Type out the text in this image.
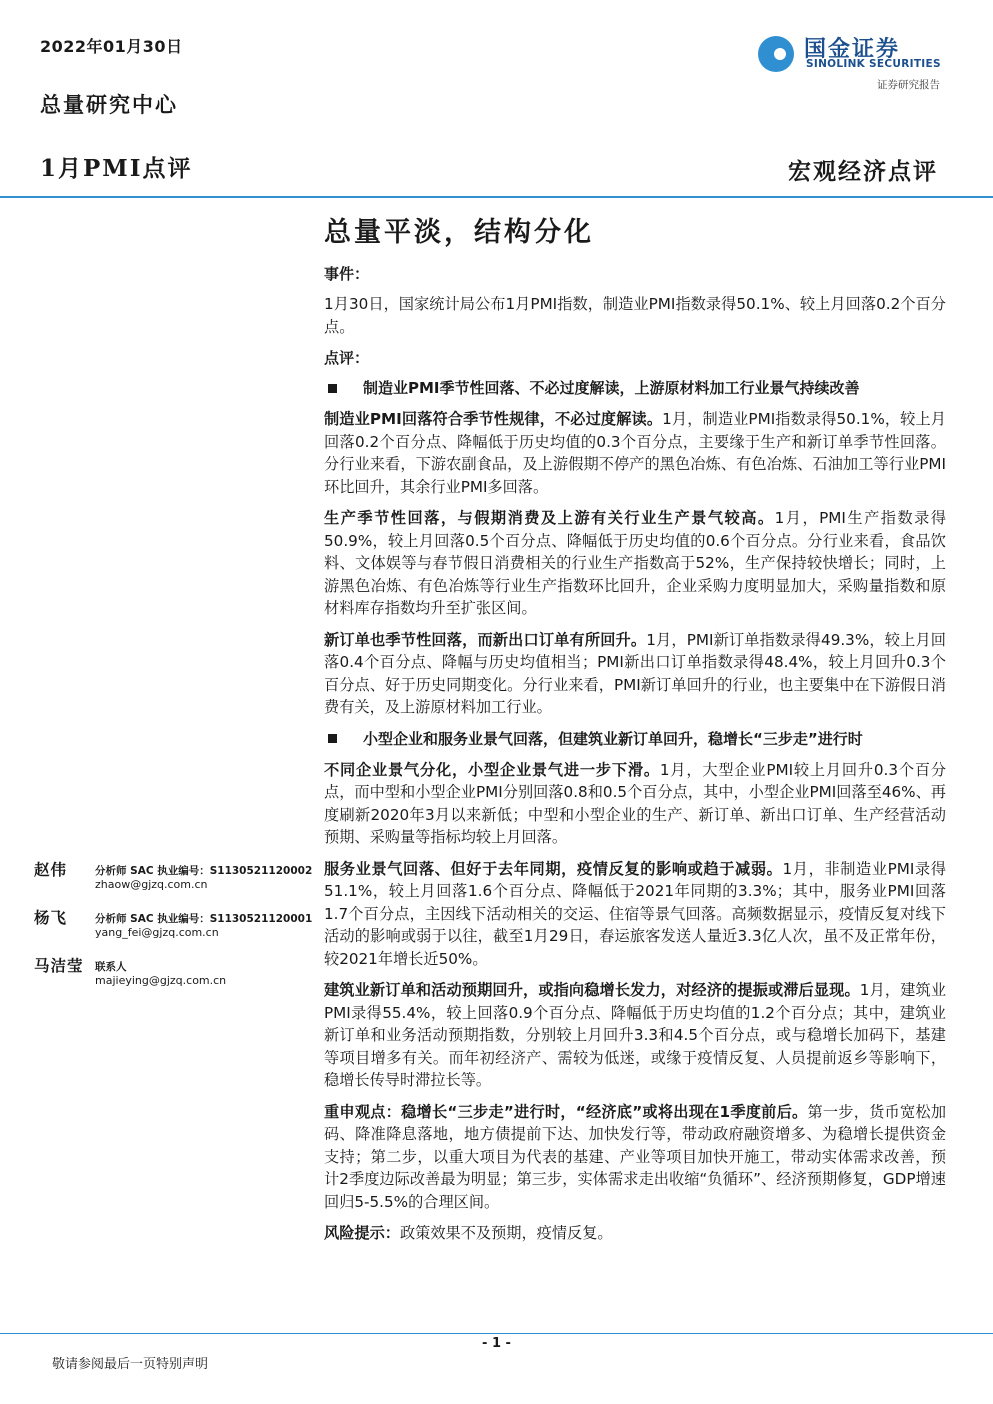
2022年01月30日
总量研究中心
1月PMI点评	宏观经济点评
国金证券
SINOLINK SECURITIES
证券研究报告
总量平淡，结构分化
事件：
1月30日，国家统计局公布1月PMI指数，制造业PMI指数录得50.1%、较上月回落0.2个百分点。
点评：
制造业PMI季节性回落、不必过度解读，上游原材料加工行业景气持续改善
制造业PMI回落符合季节性规律，不必过度解读。1月，制造业PMI指数录得50.1%，较上月回落0.2个百分点、降幅低于历史均值的0.3个百分点，主要缘于生产和新订单季节性回落。分行业来看，下游农副食品，及上游假期不停产的黑色冶炼、有色冶炼、石油加工等行业PMI环比回升，其余行业PMI多回落。
生产季节性回落，与假期消费及上游有关行业生产景气较高。1月，PMI生产指数录得50.9%，较上月回落0.5个百分点、降幅低于历史均值的0.6个百分点。分行业来看，食品饮料、文体娱等与春节假日消费相关的行业生产指数高于52%，生产保持较快增长；同时，上游黑色冶炼、有色冶炼等行业生产指数环比回升，企业采购力度明显加大，采购量指数和原材料库存指数均升至扩张区间。
新订单也季节性回落，而新出口订单有所回升。1月，PMI新订单指数录得49.3%，较上月回落0.4个百分点、降幅与历史均值相当；PMI新出口订单指数录得48.4%，较上月回升0.3个百分点、好于历史同期变化。分行业来看，PMI新订单回升的行业，也主要集中在下游假日消费有关，及上游原材料加工行业。
小型企业和服务业景气回落，但建筑业新订单回升，稳增长“三步走”进行时
不同企业景气分化，小型企业景气进一步下滑。1月，大型企业PMI较上月回升0.3个百分点，而中型和小型企业PMI分别回落0.8和0.5个百分点，其中，小型企业PMI回落至46%、再度刷新2020年3月以来新低；中型和小型企业的生产、新订单、新出口订单、生产经营活动预期、采购量等指标均较上月回落。
服务业景气回落、但好于去年同期，疫情反复的影响或趋于减弱。1月，非制造业PMI录得51.1%，较上月回落1.6个百分点、降幅低于2021年同期的3.3%；其中，服务业PMI回落1.7个百分点，主因线下活动相关的交运、住宿等景气回落。高频数据显示，疫情反复对线下活动的影响或弱于以往，截至1月29日，春运旅客发送人量近3.3亿人次，虽不及正常年份，较2021年增长近50%。
建筑业新订单和活动预期回升，或指向稳增长发力，对经济的提振或滞后显现。1月，建筑业PMI录得55.4%，较上回落0.9个百分点、降幅低于历史均值的1.2个百分点；其中，建筑业新订单和业务活动预期指数，分别较上月回升3.3和4.5个百分点，或与稳增长加码下，基建等项目增多有关。而年初经济产、需较为低迷，或缘于疫情反复、人员提前返乡等影响下，稳增长传导时滞拉长等。
重申观点：稳增长“三步走”进行时，“经济底”或将出现在1季度前后。第一步，货币宽松加码、降准降息落地，地方债提前下达、加快发行等，带动政府融资增多、为稳增长提供资金支持；第二步，以重大项目为代表的基建、产业等项目加快开施工，带动实体需求改善，预计2季度边际改善最为明显；第三步，实体需求走出收缩“负循环”、经济预期修复，GDP增速回归5-5.5%的合理区间。
风险提示：政策效果不及预期，疫情反复。
赵伟	分析师 SAC 执业编号：S1130521120002
zhaow@gjzq.com.cn
杨飞	分析师 SAC 执业编号：S1130521120001
yang_fei@gjzq.com.cn
马洁莹 联系人
majieying@gjzq.com.cn
- 1 -
敬请参阅最后一页特别声明
